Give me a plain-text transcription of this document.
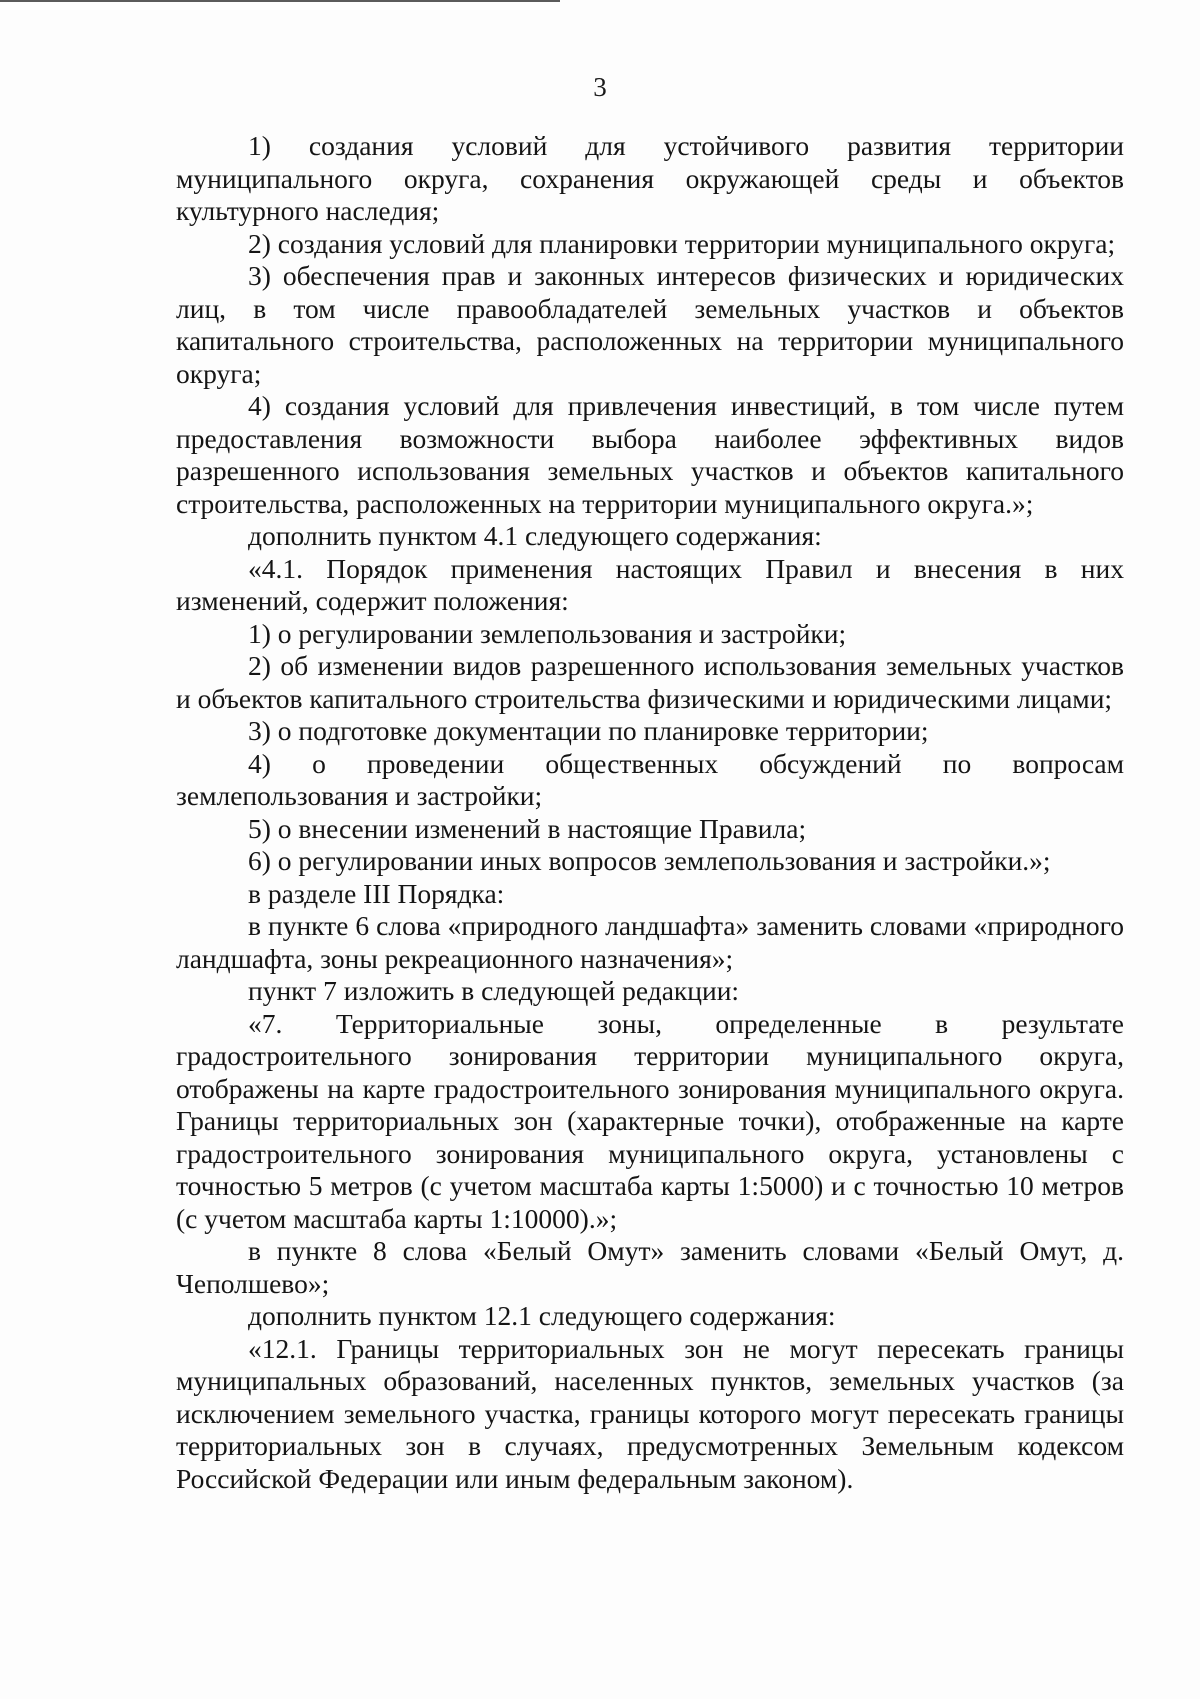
3

1) создания условий для устойчивого развития территории муниципального округа, сохранения окружающей среды и объектов культурного наследия;

2) создания условий для планировки территории муниципального округа;

3) обеспечения прав и законных интересов физических и юридических лиц, в том числе правообладателей земельных участков и объектов капитального строительства, расположенных на территории муниципального округа;

4) создания условий для привлечения инвестиций, в том числе путем предоставления возможности выбора наиболее эффективных видов разрешенного использования земельных участков и объектов капитального строительства, расположенных на территории муниципального округа.»;

дополнить пунктом 4.1 следующего содержания:

«4.1. Порядок применения настоящих Правил и внесения в них изменений, содержит положения:

1) о регулировании землепользования и застройки;

2) об изменении видов разрешенного использования земельных участков и объектов капитального строительства физическими и юридическими лицами;

3) о подготовке документации по планировке территории;

4) о проведении общественных обсуждений по вопросам землепользования и застройки;

5) о внесении изменений в настоящие Правила;

6) о регулировании иных вопросов землепользования и застройки.»;

в разделе III Порядка:

в пункте 6 слова «природного ландшафта» заменить словами «природного ландшафта, зоны рекреационного назначения»;

пункт 7 изложить в следующей редакции:

«7. Территориальные зоны, определенные в результате градостроительного зонирования территории муниципального округа, отображены на карте градостроительного зонирования муниципального округа. Границы территориальных зон (характерные точки), отображенные на карте градостроительного зонирования муниципального округа, установлены с точностью 5 метров (с учетом масштаба карты 1:5000) и с точностью 10 метров (с учетом масштаба карты 1:10000).»;

в пункте 8 слова «Белый Омут» заменить словами «Белый Омут, д. Чеполшево»;

дополнить пунктом 12.1 следующего содержания:

«12.1. Границы территориальных зон не могут пересекать границы муниципальных образований, населенных пунктов, земельных участков (за исключением земельного участка, границы которого могут пересекать границы территориальных зон в случаях, предусмотренных Земельным кодексом Российской Федерации или иным федеральным законом).
